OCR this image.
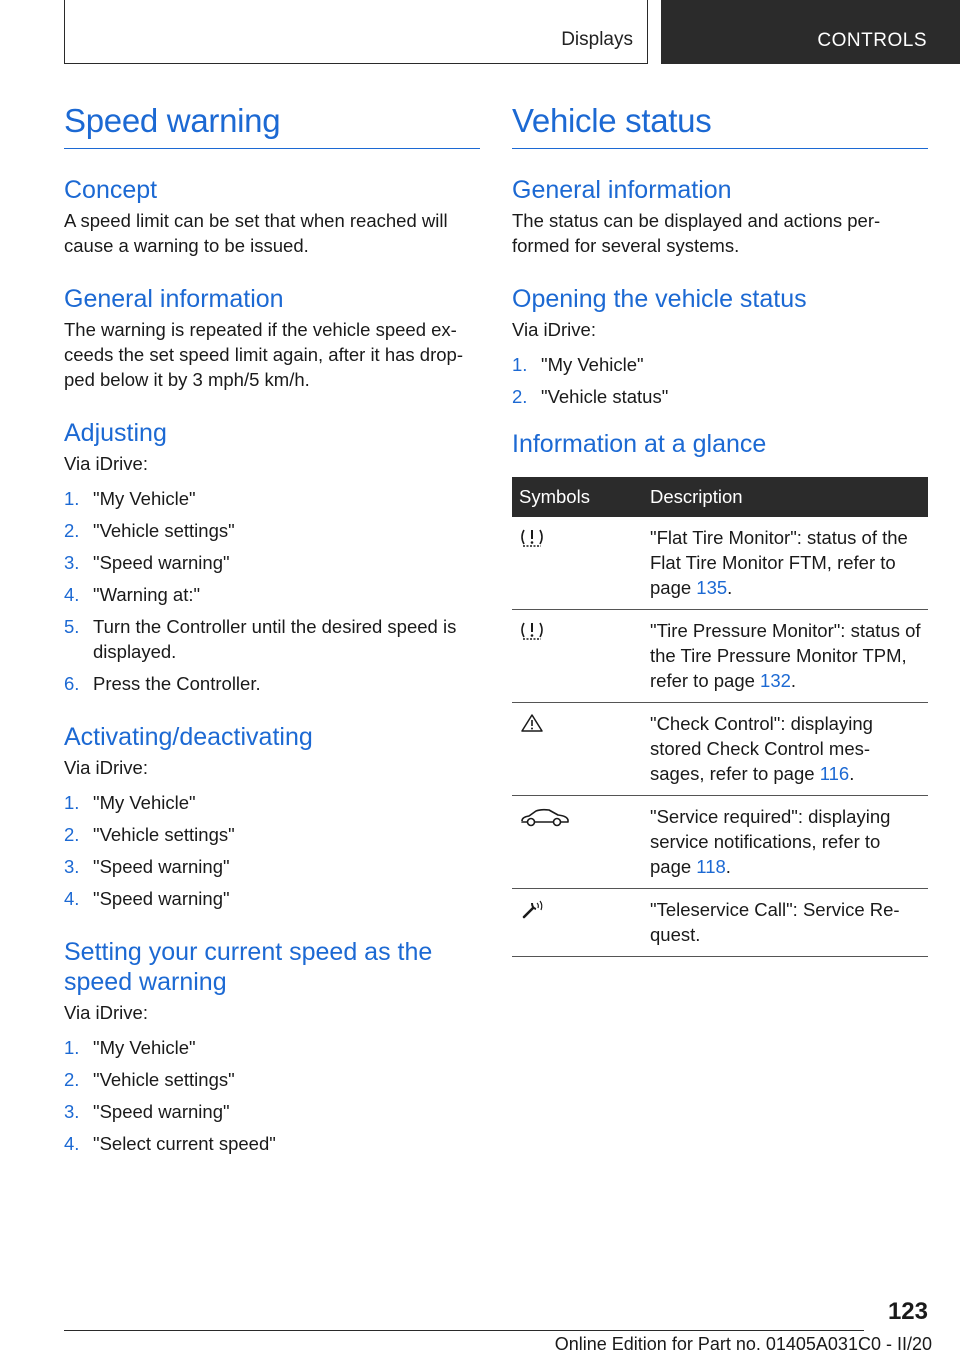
Displays	CONTROLS
Speed warning
Concept

A speed limit can be set that when reached will cause a warning to be issued.

General information

The warning is repeated if the vehicle speed ex-ceeds the set speed limit again, after it has drop-ped below it by 3 mph/5 km/h.

Adjusting

Via iDrive:

1. "My Vehicle"
2. "Vehicle settings"
3. "Speed warning"
4. "Warning at:"
5. Turn the Controller until the desired speed is displayed.
6. Press the Controller.
Activating/deactivating

Via iDrive:

1. "My Vehicle"
2. "Vehicle settings"
3. "Speed warning"
4. "Speed warning"
Setting your current speed as the speed warning

Via iDrive:

1. "My Vehicle"
2. "Vehicle settings"
3. "Speed warning"
4. "Select current speed"
Vehicle status
General information

The status can be displayed and actions per-formed for several systems.

Opening the vehicle status

Via iDrive:

1. "My Vehicle"
2. "Vehicle status"
Information at a glance
Symbols	Description

	"Flat Tire Monitor": status of the Flat Tire Monitor FTM, refer to page 135.

	"Tire Pressure Monitor": status of the Tire Pressure Monitor TPM, refer to page 132.

	"Check Control": displaying stored Check Control mes-sages, refer to page 116.

	"Service required": displaying service notifications, refer to page 118.

	"Teleservice Call": Service Re-quest.
123
Online Edition for Part no. 01405A031C0 - II/20
